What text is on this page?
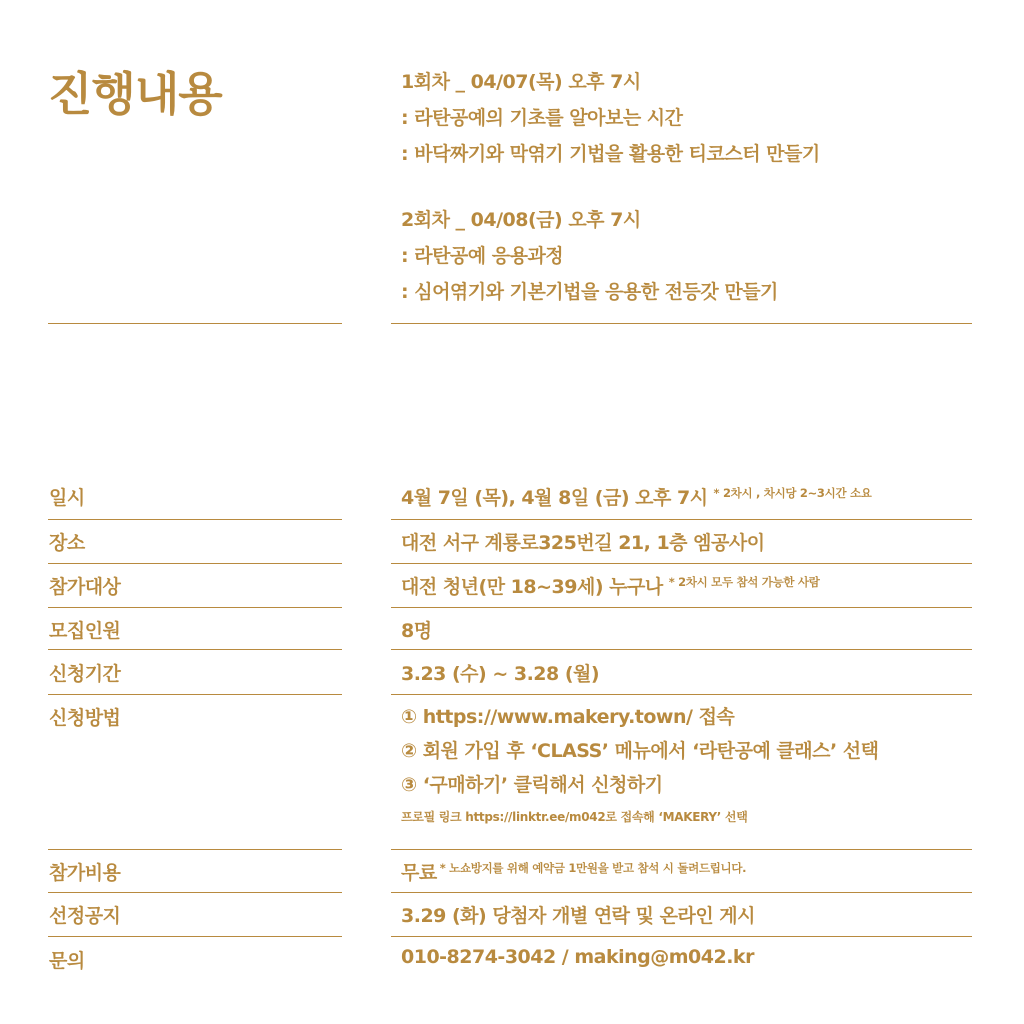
진행내용	1회차 _ 04/07(목) 오후 7시
: 라탄공예의 기초를 알아보는 시간
: 바닥짜기와 막엮기 기법을 활용한 티코스터 만들기
2회차 _ 04/08(금) 오후 7시
: 라탄공예 응용과정
: 심어엮기와 기본기법을 응용한 전등갓 만들기
일시	4월 7일 (목), 4월 8일 (금) 오후 7시 $^{* 2차시 , 차시당 2\sim 3시간 소요}$
장소	대전 서구 계룡로325번길 21, 1층 엠공사이
참가대상	대전 청년(만 18~39세) 누구나 $^{* 2차시 모두 참석 가능한 사람}$
모집인원	8명
신청기간	3.23 (수) ~ 3.28 (월)
신청방법	① https://www.makery.town/ 접속
② 회원 가입 후 ‘CLASS’ 메뉴에서 ‘라탄공예 클래스’ 선택
③ ‘구매하기’ 클릭해서 신청하기
프로필 링크 https://linktr.ee/m042로 접속해 ‘MAKERY’ 선택
참가비용	무료 $^{* 노쇼방지를 위해 예약금 1만원을 받고 참석 시 돌려드립니다.}$
선정공지	3.29 (화) 당첨자 개별 연락 및 온라인 게시
문의	010-8274-3042 / making@m042.kr
